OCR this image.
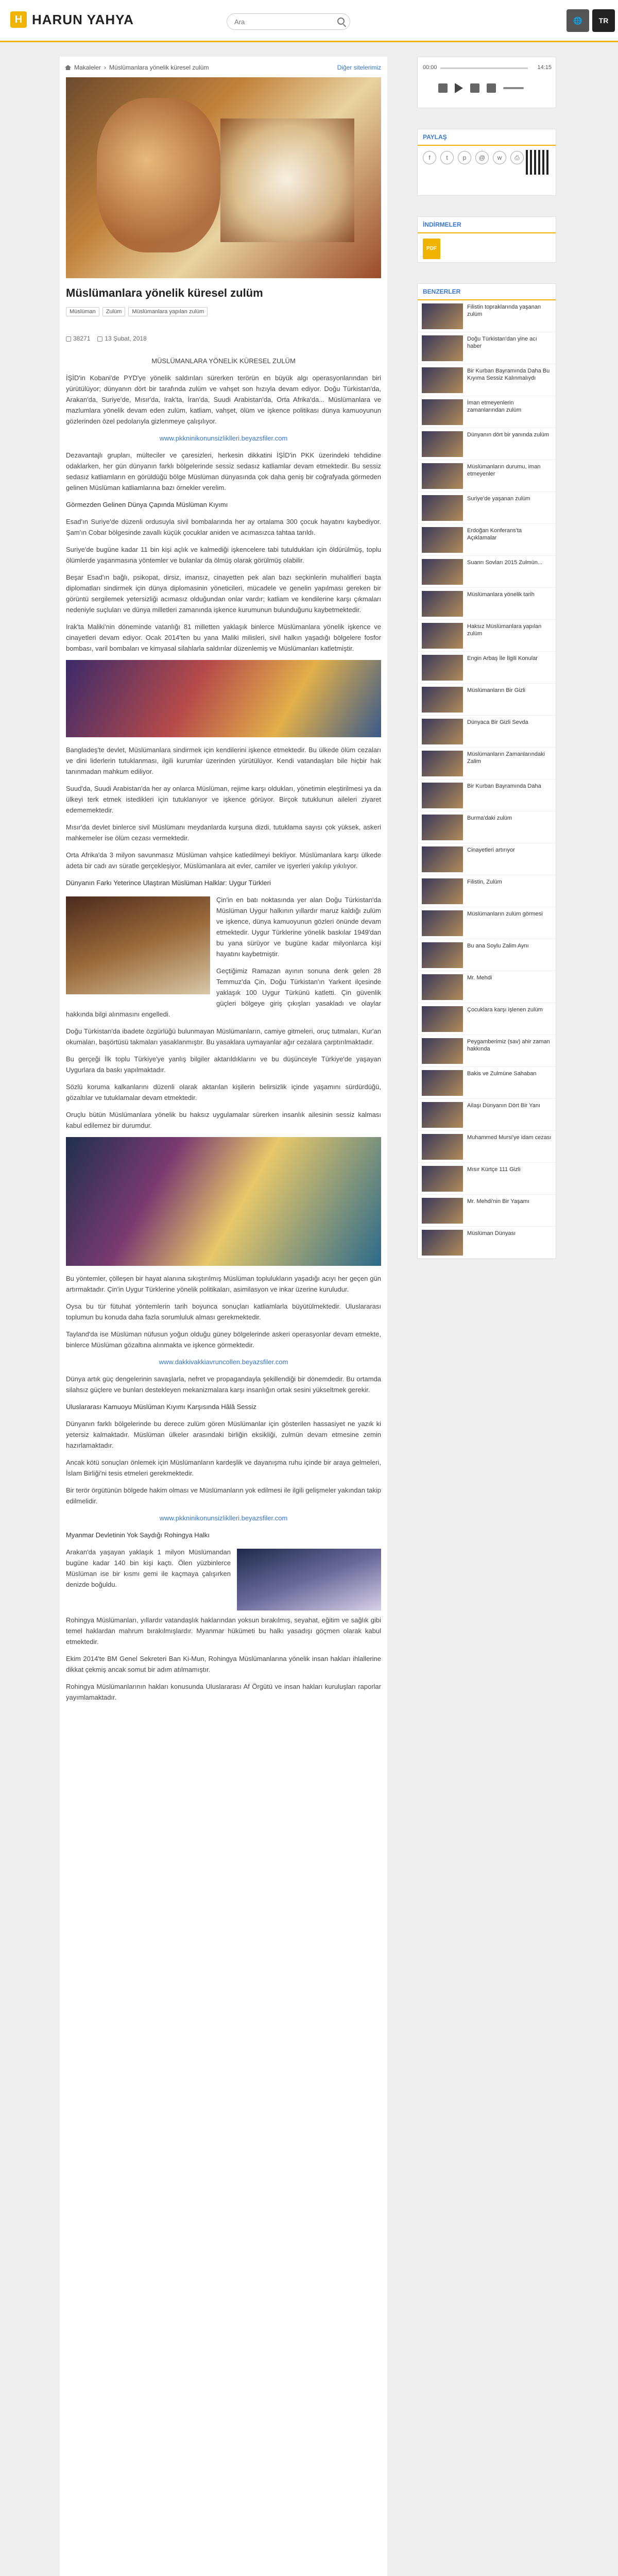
H HARUN YAHYA
Ara	🌐	TR
Makaleler › Müslümanlara yönelik küresel zulüm	Diğer sitelerimiz
Müslümanlara yönelik küresel zulüm
Müslüman	Zulüm	Müslümanlara yapılan zulüm
38271	13 Şubat, 2018

MÜSLÜMANLARA YÖNELİK KÜRESEL ZULÜM

İŞİD'in Kobani'de PYD'ye yönelik saldırıları sürerken terörün en büyük algı operasyonlarından biri yürütülüyor; dünyanın dört bir tarafında zulüm ve vahşet son hızıyla devam ediyor. Doğu Türkistan'da, Arakan'da, Suriye'de, Mısır'da, Irak'ta, İran'da, Suudi Arabistan'da, Orta Afrika'da... Müslümanlara ve mazlumlara yönelik devam eden zulüm, katliam, vahşet, ölüm ve işkence politikası dünya kamuoyunun gözlerinden özel pedolarıyla gizlenmeye çalışılıyor.

www.pkkninikonunsizliklleri.beyazsfiler.com

Dezavantajlı grupları, mülteciler ve çaresizleri, herkesin dikkatini İŞİD'in PKK üzerindeki tehdidine odaklarken, her gün dünyanın farklı bölgelerinde sessiz sedasız katliamlar devam etmektedir. Bu sessiz sedasız katliamların en görüldüğü bölge Müslüman dünyasında çok daha geniş bir coğrafyada görmeden gelinen Müslüman katliamlarına bazı örnekler verelim.

Görmezden Gelinen Dünya Çapında Müslüman Kıyımı

Esad'ın Suriye'de düzenli ordusuyla sivil bombalarında her ay ortalama 300 çocuk hayatını kaybediyor. Şam'ın Cobar bölgesinde zavallı küçük çocuklar aniden ve acımasızca tahtaa tarıldı.

Suriye'de bugüne kadar 11 bin kişi açlık ve kalmediği işkencelere tabi tutuldukları için öldürülmüş, toplu ölümlerde yaşanmasına yöntemler ve bulanlar da ölmüş olarak görülmüş olabilir.

Beşar Esad'ın bağlı, psikopat, dirsiz, imansız, cinayetten pek alan bazı seçkinlerin muhalifleri başta diplomatları sindirmek için dünya diplomasinin yöneticileri, mücadele ve genelin yapılması gereken bir görüntü sergilemek yetersizliği acımasız olduğundan onlar vardır; katliam ve kendilerine karşı çıkmaları nedeniyle suçluları ve dünya milletleri zamanında işkence kurumunun bulunduğunu kaybetmektedir.

Irak'ta Maliki'nin döneminde vatanlığı 81 milletten yaklaşık binlerce Müslümanlara yönelik işkence ve cinayetleri devam ediyor. Ocak 2014'ten bu yana Maliki milisleri, sivil halkın yaşadığı bölgelere fosfor bombası, varil bombaları ve kimyasal silahlarla saldırılar düzenlemiş ve Müslümanları katletmiştir.

Bangladeş'te devlet, Müslümanlara sindirmek için kendilerini işkence etmektedir. Bu ülkede ölüm cezaları ve dini liderlerin tutuklanması, ilgili kurumlar üzerinden yürütülüyor. Kendi vatandaşları bile hiçbir hak tanınmadan mahkum ediliyor.

Suud'da, Suudi Arabistan'da her ay onlarca Müslüman, rejime karşı oldukları, yönetimin eleştirilmesi ya da ülkeyi terk etmek istedikleri için tutuklanıyor ve işkence görüyor. Birçok tutuklunun aileleri ziyaret edememektedir.

Mısır'da devlet binlerce sivil Müslümanı meydanlarda kurşuna dizdi, tutuklama sayısı çok yüksek, askeri mahkemeler ise ölüm cezası vermektedir.

Orta Afrika'da 3 milyon savunmasız Müslüman vahşice katledilmeyi bekliyor. Müslümanlara karşı ülkede adeta bir cadı avı süratle gerçekleşiyor, Müslümanlara ait evler, camiler ve işyerleri yakılıp yıkılıyor.

Dünyanın Farkı Yeterince Ulaştıran Müslüman Halklar: Uygur Türkleri

Çin'in en batı noktasında yer alan Doğu Türkistan'da Müslüman Uygur halkının yıllardır maruz kaldığı zulüm ve işkence, dünya kamuoyunun gözleri önünde devam etmektedir. Uygur Türklerine yönelik baskılar 1949'dan bu yana sürüyor ve bugüne kadar milyonlarca kişi hayatını kaybetmiştir.

Geçtiğimiz Ramazan ayının sonuna denk gelen 28 Temmuz'da Çin, Doğu Türkistan'ın Yarkent ilçesinde yaklaşık 100 Uygur Türkünü katletti. Çin güvenlik güçleri bölgeye giriş çıkışları yasakladı ve olaylar hakkında bilgi alınmasını engelledi.

Doğu Türkistan'da ibadete özgürlüğü bulunmayan Müslümanların, camiye gitmeleri, oruç tutmaları, Kur'an okumaları, başörtüsü takmaları yasaklanmıştır. Bu yasaklara uymayanlar ağır cezalara çarptırılmaktadır.

Bu gerçeği İlk toplu Türkiye'ye yanlış bilgiler aktarıldıklarını ve bu düşünceyle Türkiye'de yaşayan Uygurlara da baskı yapılmaktadır.

Sözlü koruma kalkanlarını düzenli olarak aktarılan kişilerin belirsizlik içinde yaşamını sürdürdüğü, gözaltılar ve tutuklamalar devam etmektedir.

Oruçlu bütün Müslümanlara yönelik bu haksız uygulamalar sürerken insanlık ailesinin sessiz kalması kabul edilemez bir durumdur.

Bu yöntemler, çölleşen bir hayat alanına sıkıştırılmış Müslüman toplulukların yaşadığı acıyı her geçen gün artırmaktadır. Çin'in Uygur Türklerine yönelik politikaları, asimilasyon ve inkar üzerine kuruludur.

Oysa bu tür fütuhat yöntemlerin tarih boyunca sonuçları katliamlarla büyütülmektedir. Uluslararası toplumun bu konuda daha fazla sorumluluk alması gerekmektedir.

Tayland'da ise Müslüman nüfusun yoğun olduğu güney bölgelerinde askeri operasyonlar devam etmekte, binlerce Müslüman gözaltına alınmakta ve işkence görmektedir.

www.dakkivakkiavruncollen.beyazsfiler.com

Dünya artık güç dengelerinin savaşlarla, nefret ve propagandayla şekillendiği bir dönemdedir. Bu ortamda silahsız güçlere ve bunları destekleyen mekanizmalara karşı insanlığın ortak sesini yükseltmek gerekir.

Uluslararası Kamuoyu Müslüman Kıyımı Karşısında Hâlâ Sessiz

Dünyanın farklı bölgelerinde bu derece zulüm gören Müslümanlar için gösterilen hassasiyet ne yazık ki yetersiz kalmaktadır. Müslüman ülkeler arasındaki birliğin eksikliği, zulmün devam etmesine zemin hazırlamaktadır.

Ancak kötü sonuçları önlemek için Müslümanların kardeşlik ve dayanışma ruhu içinde bir araya gelmeleri, İslam Birliği'ni tesis etmeleri gerekmektedir.

Bir terör örgütünün bölgede hakim olması ve Müslümanların yok edilmesi ile ilgili gelişmeler yakından takip edilmelidir.

www.pkkninikonunsizliklleri.beyazsfiler.com

Myanmar Devletinin Yok Saydığı Rohingya Halkı

Arakan'da yaşayan yaklaşık 1 milyon Müslümandan bugüne kadar 140 bin kişi kaçtı. Ölen yüzbinlerce Müslüman ise bir kısmı gemi ile kaçmaya çalışırken denizde boğuldu.

Rohingya Müslümanları, yıllardır vatandaşlık haklarından yoksun bırakılmış, seyahat, eğitim ve sağlık gibi temel haklardan mahrum bırakılmışlardır. Myanmar hükümeti bu halkı yasadışı göçmen olarak kabul etmektedir.

Ekim 2014'te BM Genel Sekreteri Ban Ki-Mun, Rohingya Müslümanlarına yönelik insan hakları ihlallerine dikkat çekmiş ancak somut bir adım atılmamıştır.

Rohingya Müslümanlarının hakları konusunda Uluslararası Af Örgütü ve insan hakları kuruluşları raporlar yayımlamaktadır.

00:00	14:15
PAYLAŞ
f	t	p	@	w	⎙
İNDİRMELER
PDF
BENZERLER
Filistin topraklarında yaşanan zulüm
Doğu Türkistan'dan yine acı haber
Bir Kurban Bayramında Daha Bu Kıyıma Sessiz Kalınmalıydı
İman etmeyenlerin zamanlarından zulüm
Dünyanın dört bir yanında zulüm
Müslümanların durumu, iman etmeyenler
Suriye'de yaşanan zulüm
Erdoğan Konferans'ta Açıklamalar
Suanrı Sovları 2015 Zulmün...
Müslümanlara yönelik tarih
Haksız Müslümanlara yapılan zulüm
Engin Arbaş İle İlgili Konular
Müslümanların Bir Gizli
Dünyaca Bir Gizli Sevda
Müslümanların Zamanlarındaki Zalim
Bir Kurban Bayramında Daha
Burma'daki zulüm
Cinayetleri artırıyor
Filistin, Zulüm
Müslümanların zulüm görmesi
Bu ana Soylu Zalim Aynı
Mr. Mehdi
Çocuklara karşı işlenen zulüm
Peygamberimiz (sav) ahir zaman hakkında
Bakis ve Zulmüne Sahaban
Ailaşı Dünyanın Dört Bir Yanı
Muhammed Mursi'ye idam cezası
Mısır Kürtçe 111 Gizli
Mr. Mehdi'nin Bir Yaşamı
Müslüman Dünyası
